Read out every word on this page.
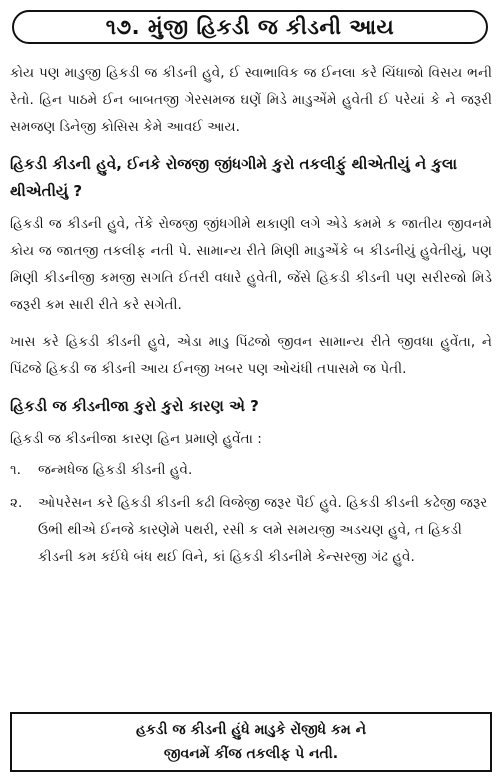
૧૭. મુંજી હિકડી જ કીડની આય

કોય પણ માડુજી હિકડી જ કીડની હુવે, ઈ સ્વાભાવિક જ ઈનલા કરે ચિંધાજો વિસય ભની રેતો. હિન પાઠમે ઈન બાબતજી ગેરસમજ ઘણેં મિડે માડુએંમે હુવેતી ઈ પરેયાં કે ને જરૂરી સમજણ ડિનેજી કોસિસ કેમે આવઈ આય.

હિકડી કીડની હુવે, ઈનકે રોજજી જીંધગીમે કુરો તકલીફું થીએતીયું ને કુલા થીએતીયું ?

હિકડી જ કીડની હુવે, તેંકે રોજજી જીંધગીમે થકાણી લગે એડે કમમે ક જાતીય જીવનમે કોય જ જાતજી તકલીફ નતી પે. સામાન્ય રીતે મિણી માડુએંકે બ કીડનીયું હુવેતીયું, પણ મિણી કીડનીજી કમજી સગતિ ઈતરી વધારે હુવેતી, જેંસે હિકડી કીડની પણ સરીરજો મિડે જરૂરી કમ સારી રીતે કરે સગેતી.

ખાસ કરે હિકડી કીડની હુવે, એડા માડુ પિંઢજો જીવન સામાન્ય રીતે જીવધા હુવેંતા, ને પિંઢજે હિકડી જ કીડની આય ઈનજી ખબર પણ ઓચંધી તપાસમે જ પેતી.

હિકડી જ કીડનીજા કુરો કુરો કારણ એ ?

હિકડી જ કીડનીજા કારણ હિન પ્રમાણે હુવેંતા :

૧.	જન્મધેજ હિકડી કીડની હુવે.
૨.	ઓપરેસન કરે હિકડી કીડની કઢી વિજેજી જરૂર પૈઈ હુવે. હિકડી કીડની કઢેજી જરૂર ઉભી થીએ ઈનજે કારણેમે પથરી, રસી ક લમે સમયજી અડચણ હુવે, ત હિકડી કીડની કમ કઈંધે બંધ થઈ વિને, કાં હિકડી કીડનીમે કેન્સરજી ગંઢ હુવે.
હકડી જ કીડની હુંધે માડુકે રોંજીધે કમ ને
જીવનમેં કીંજ તકલીફ પે નતી.
